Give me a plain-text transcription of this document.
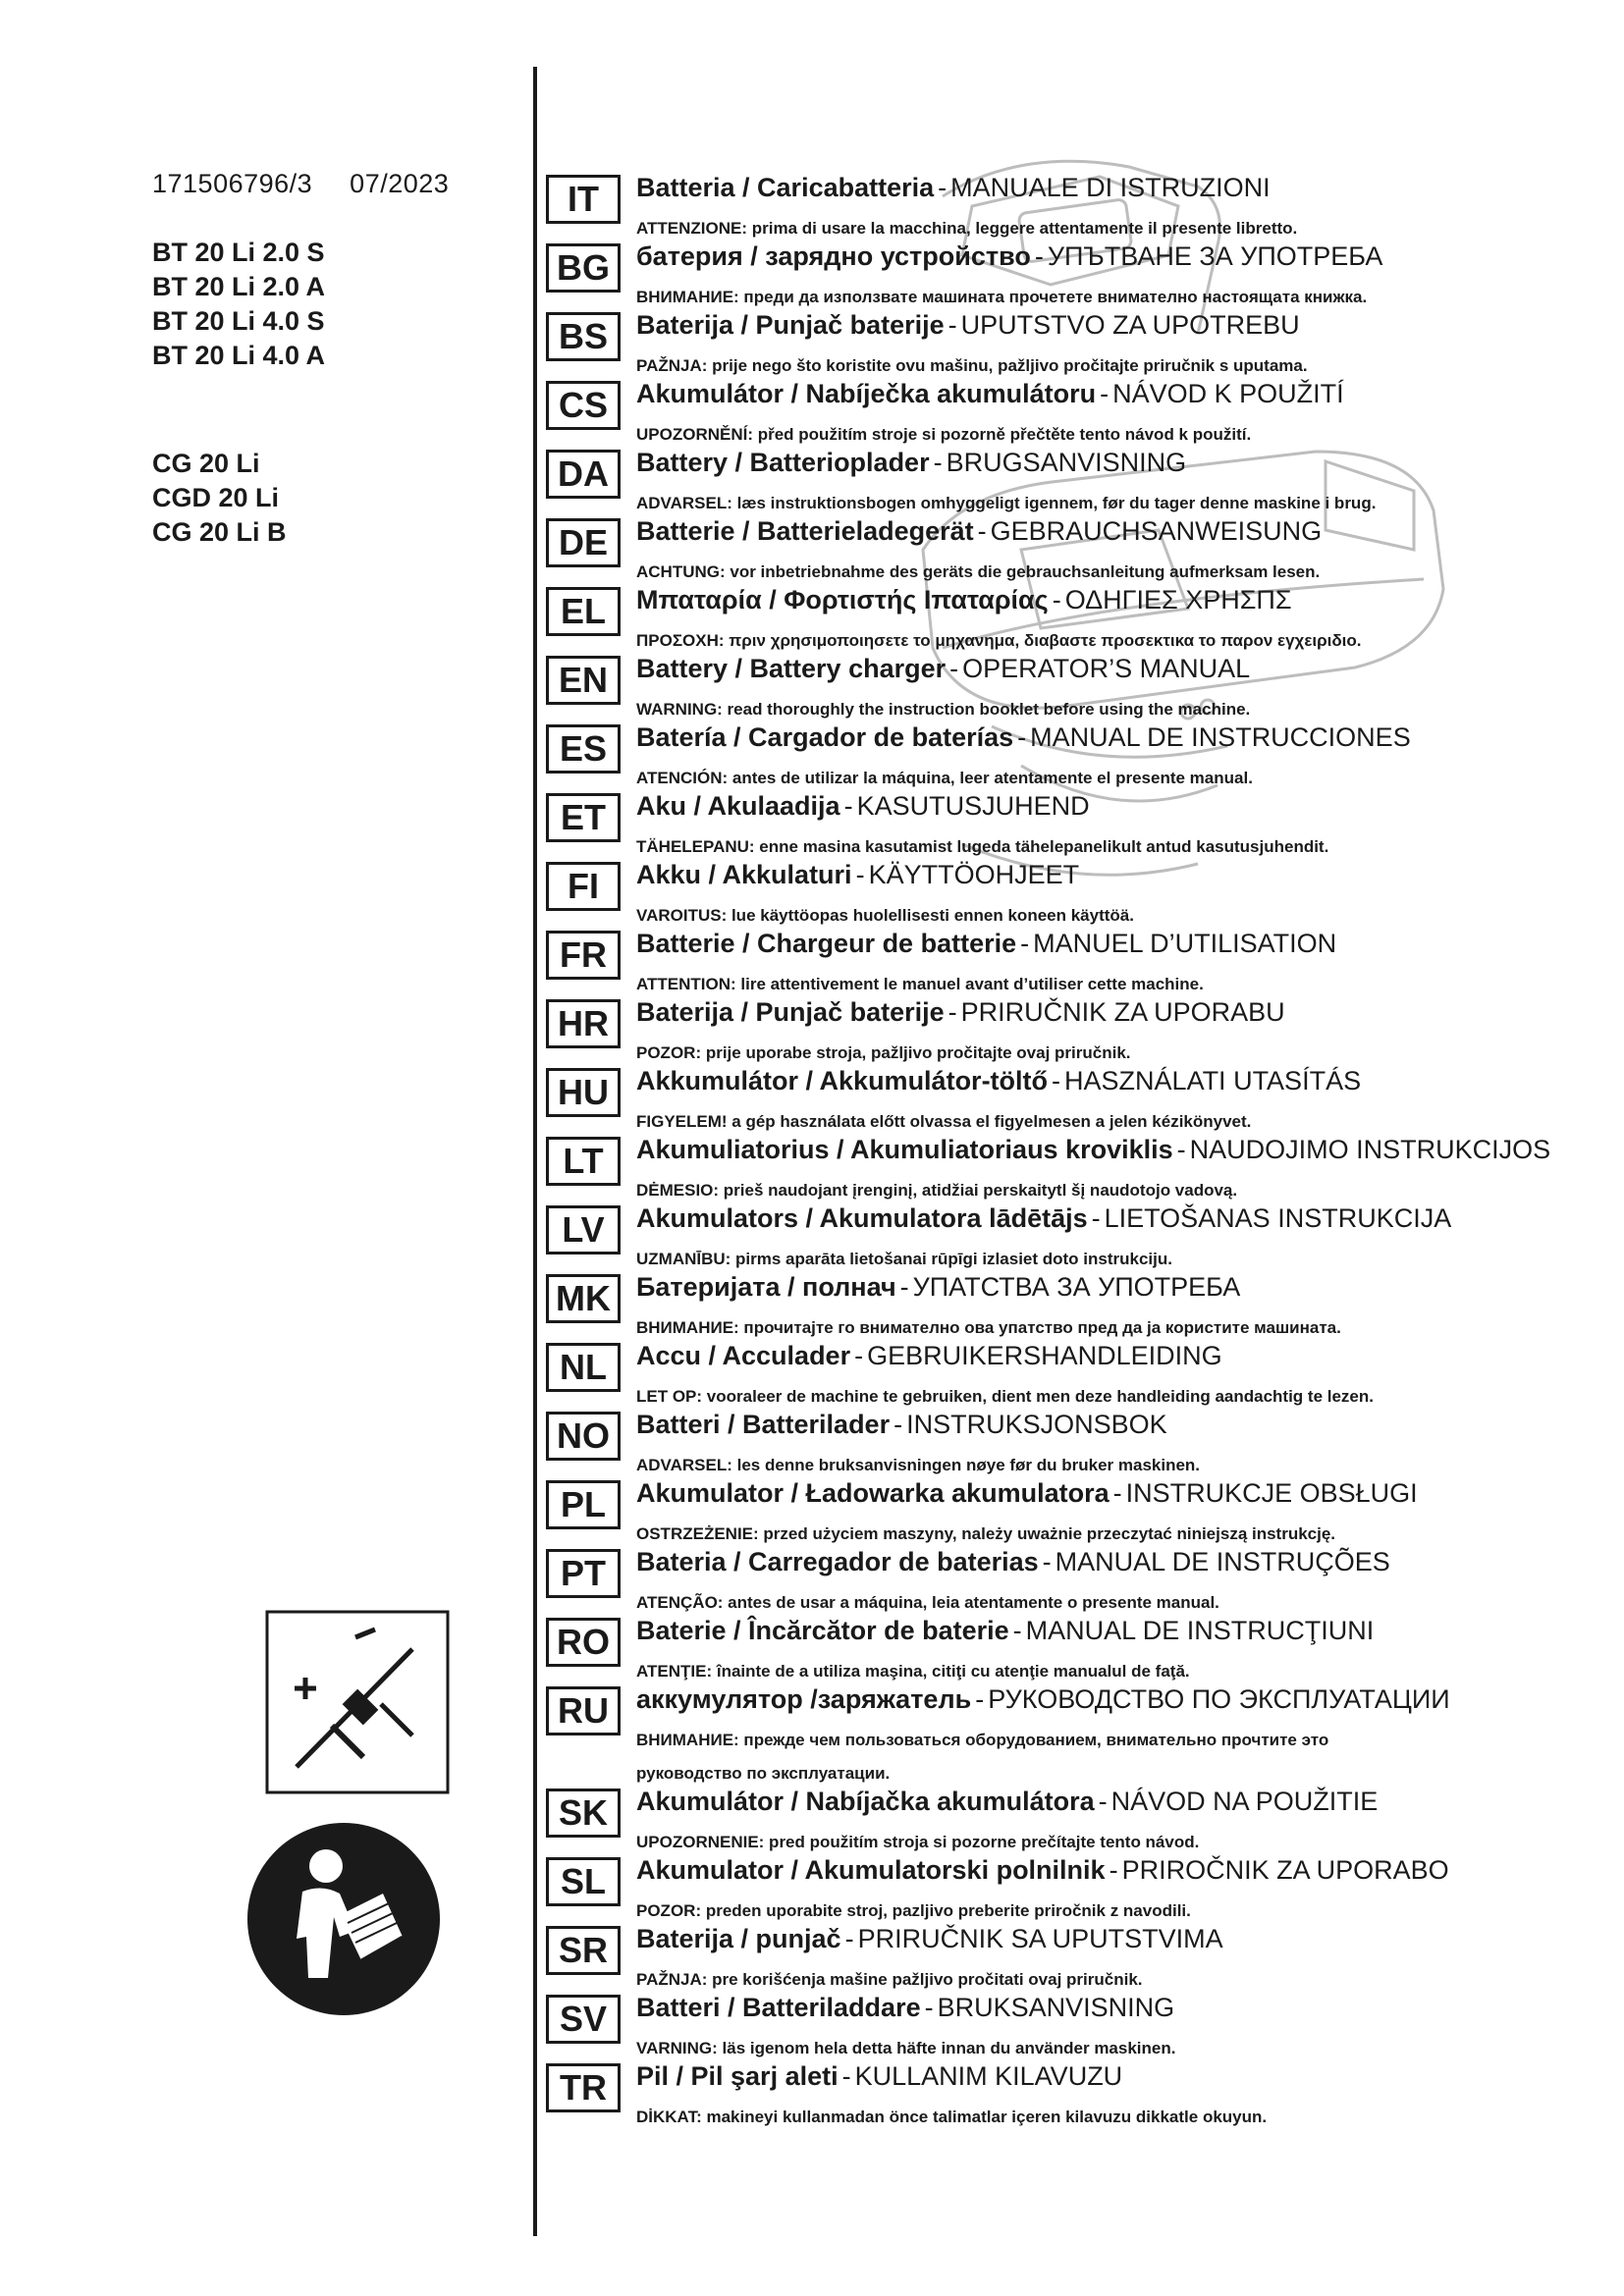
171506796/3 07/2023
BT 20 Li 2.0 S
BT 20 Li 2.0 A
BT 20 Li 4.0 S
BT 20 Li 4.0 A
CG 20 Li
CGD 20 Li
CG 20 Li B
IT	Batteria / Caricabatteria - MANUALE DI ISTRUZIONI
ATTENZIONE: prima di usare la macchina, leggere attentamente il presente libretto.
BG	батерия / зарядно устройство - УПЪТВАНЕ ЗА УПОТРЕБА
ВНИМАНИЕ: преди да използвате машината прочетете внимателно настоящата книжка.
BS	Baterija / Punjač baterije - UPUTSTVO ZA UPOTREBU
PAŽNJA: prije nego što koristite ovu mašinu, pažljivo pročitajte priručnik s uputama.
CS	Akumulátor / Nabíječka akumulátoru - NÁVOD K POUŽITÍ
UPOZORNĚNÍ: před použitím stroje si pozorně přečtěte tento návod k použití.
DA	Battery / Batterioplader - BRUGSANVISNING
ADVARSEL: læs instruktionsbogen omhyggeligt igennem, før du tager denne maskine i brug.
DE	Batterie / Batterieladegerät - GEBRAUCHSANWEISUNG
ACHTUNG: vor inbetriebnahme des geräts die gebrauchsanleitung aufmerksam lesen.
EL	Μπαταρία / Φορτιστής Ιπαταρίας - ΟΔΗΓΙΕΣ ΧΡΗΣΠΣ
ΠΡΟΣΟΧΗ: πριν χρησιμοποιησετε το μηχανημα, διαβαστε προσεκτικα το παρον εγχειριδιο.
EN	Battery / Battery charger - OPERATOR’S MANUAL
WARNING: read thoroughly the instruction booklet before using the machine.
ES	Batería / Cargador de baterías - MANUAL DE INSTRUCCIONES
ATENCIÓN: antes de utilizar la máquina, leer atentamente el presente manual.
ET	Aku / Akulaadija - KASUTUSJUHEND
TÄHELEPANU: enne masina kasutamist lugeda tähelepanelikult antud kasutusjuhendit.
FI	Akku / Akkulaturi - KÄYTTÖOHJEET
VAROITUS: lue käyttöopas huolellisesti ennen koneen käyttöä.
FR	Batterie / Chargeur de batterie - MANUEL D’UTILISATION
ATTENTION: lire attentivement le manuel avant d’utiliser cette machine.
HR	Baterija / Punjač baterije - PRIRUČNIK ZA UPORABU
POZOR: prije uporabe stroja, pažljivo pročitajte ovaj priručnik.
HU	Akkumulátor / Akkumulátor-töltő - HASZNÁLATI UTASÍTÁS
FIGYELEM! a gép használata előtt olvassa el figyelmesen a jelen kézikönyvet.
LT	Akumuliatorius / Akumuliatoriaus kroviklis - NAUDOJIMO INSTRUKCIJOS
DĖMESIO: prieš naudojant įrenginį, atidžiai perskaitytl šį naudotojo vadovą.
LV	Akumulators / Akumulatora lādētājs - LIETOŠANAS INSTRUKCIJA
UZMANĪBU: pirms aparāta lietošanai rūpīgi izlasiet doto instrukciju.
MK Батеријата / полнач - УПАТСТВА ЗА УПОТРЕБА
ВНИМАНИЕ: прочитајте го внимателно ова упатство пред да ја користите машината.
NL	Accu / Acculader - GEBRUIKERSHANDLEIDING
LET OP: vooraleer de machine te gebruiken, dient men deze handleiding aandachtig te lezen.
NO	Batteri / Batterilader - INSTRUKSJONSBOK
ADVARSEL: les denne bruksanvisningen nøye før du bruker maskinen.
PL	Akumulator / Ładowarka akumulatora - INSTRUKCJE OBSŁUGI
OSTRZEŻENIE: przed użyciem maszyny, należy uważnie przeczytać niniejszą instrukcję.
PT	Bateria / Carregador de baterias - MANUAL DE INSTRUÇÕES
ATENÇÃO: antes de usar a máquina, leia atentamente o presente manual.
RO	Baterie / Încărcător de baterie - MANUAL DE INSTRUCŢIUNI
ATENŢIE: înainte de a utiliza maşina, citiţi cu atenţie manualul de faţă.
RU	аккумулятор /заряжатель - РУКОВОДСТВО ПО ЭКСПЛУАТАЦИИ
ВНИМАНИЕ: прежде чем пользоваться оборудованием, внимательно прочтите это руководство по эксплуатации.
SK	Akumulátor / Nabíjačka akumulátora - NÁVOD NA POUŽITIE
UPOZORNENIE: pred použitím stroja si pozorne prečítajte tento návod.
SL	Akumulator / Akumulatorski polnilnik - PRIROČNIK ZA UPORABO
POZOR: preden uporabite stroj, pazljivo preberite priročnik z navodili.
SR	Baterija / punjač - PRIRUČNIK SA UPUTSTVIMA
PAŽNJA: pre korišćenja mašine pažljivo pročitati ovaj priručnik.
SV	Batteri / Batteriladdare - BRUKSANVISNING
VARNING: läs igenom hela detta häfte innan du använder maskinen.
TR	Pil / Pil şarj aleti - KULLANIM KILAVUZU
DİKKAT: makineyi kullanmadan önce talimatlar içeren kilavuzu dikkatle okuyun.
